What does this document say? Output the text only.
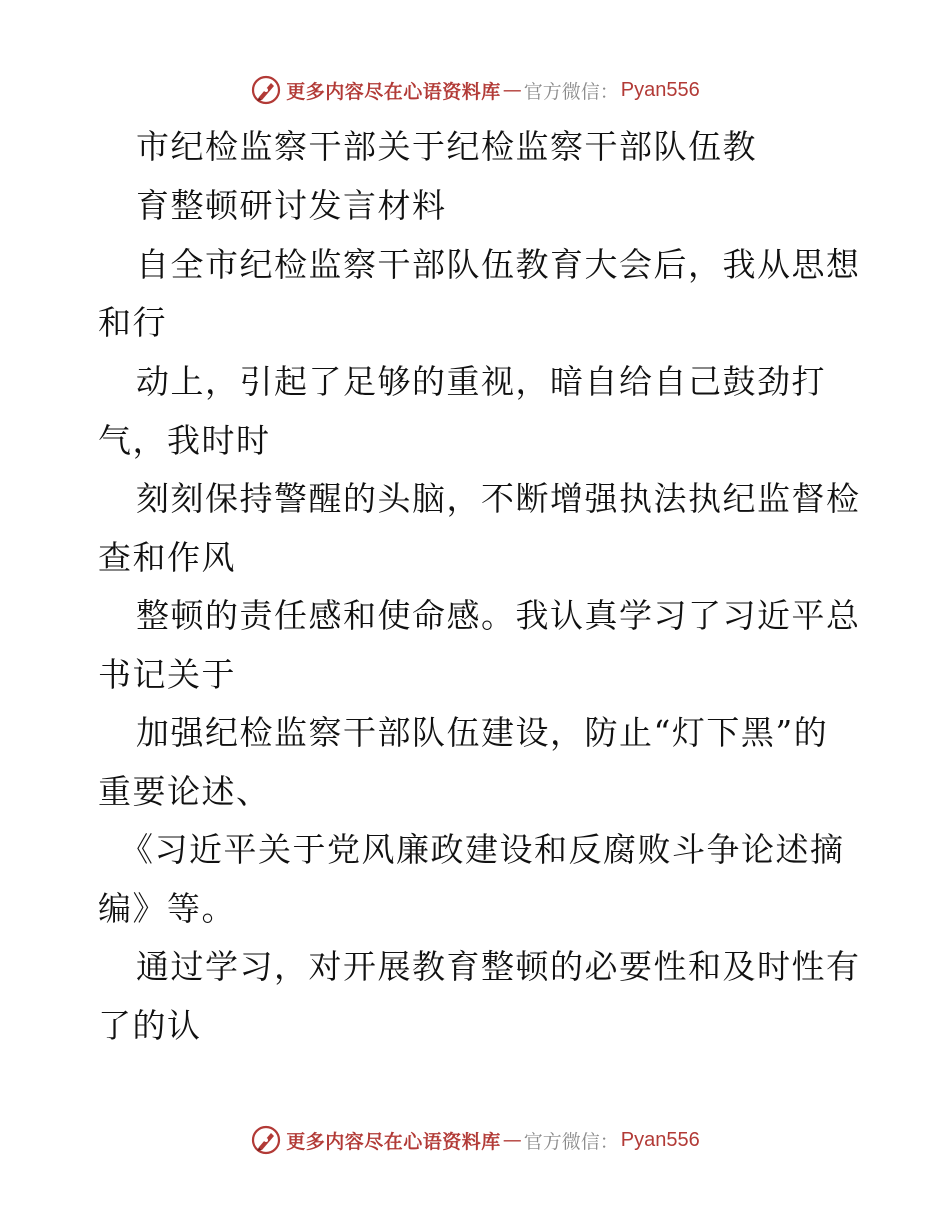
更多内容尽在心语资料库 — 官方微信： Pyan556
市纪检监察干部关于纪检监察干部队伍教
育整顿研讨发言材料
自全市纪检监察干部队伍教育大会后，我从思想
和行
动上，引起了足够的重视，暗自给自己鼓劲打
气，我时时
刻刻保持警醒的头脑，不断增强执法执纪监督检
查和作风
整顿的责任感和使命感。我认真学习了习近平总
书记关于
加强纪检监察干部队伍建设，防止“灯下黑”的
重要论述、
《习近平关于党风廉政建设和反腐败斗争论述摘
编》等。
通过学习，对开展教育整顿的必要性和及时性有
了的认
更多内容尽在心语资料库 — 官方微信： Pyan556
